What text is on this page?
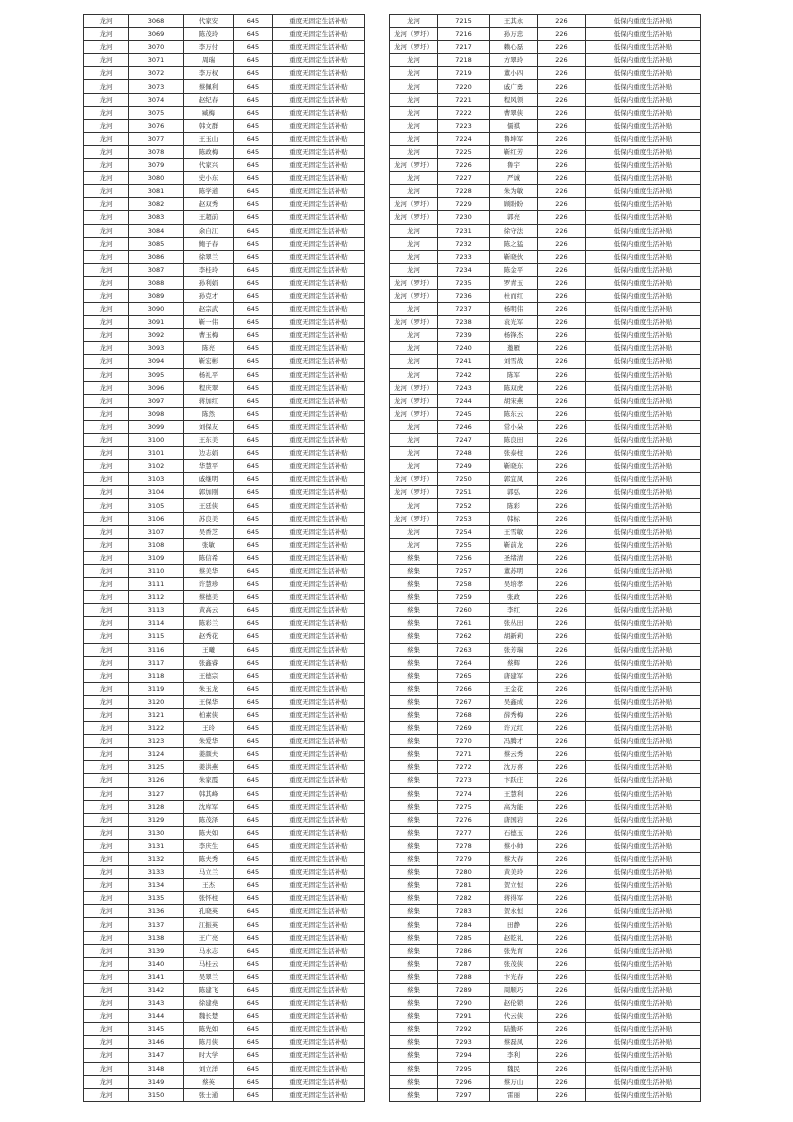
龙河	3068	代家安	645	重度无固定生活补贴
龙河	3069	陈茂玲	645	重度无固定生活补贴
龙河	3070	李万付	645	重度无固定生活补贴
龙河	3071	周瑞	645	重度无固定生活补贴
龙河	3072	李万权	645	重度无固定生活补贴
龙河	3073	蔡佩利	645	重度无固定生活补贴
龙河	3074	赵纪春	645	重度无固定生活补贴
龙河	3075	臧梅	645	重度无固定生活补贴
龙河	3076	韩文群	645	重度无固定生活补贴
龙河	3077	王玉山	645	重度无固定生活补贴
龙河	3078	陈政梅	645	重度无固定生活补贴
龙河	3079	代家兴	645	重度无固定生活补贴
龙河	3080	史小东	645	重度无固定生活补贴
龙河	3081	陈学道	645	重度无固定生活补贴
龙河	3082	赵双秀	645	重度无固定生活补贴
龙河	3083	王超前	645	重度无固定生活补贴
龙河	3084	余自江	645	重度无固定生活补贴
龙河	3085	鲍子春	645	重度无固定生活补贴
龙河	3086	徐翠兰	645	重度无固定生活补贴
龙河	3087	李桂玲	645	重度无固定生活补贴
龙河	3088	孙利娟	645	重度无固定生活补贴
龙河	3089	孙克才	645	重度无固定生活补贴
龙河	3090	赵宗武	645	重度无固定生活补贴
龙河	3091	靳一伟	645	重度无固定生活补贴
龙河	3092	曹玉梅	645	重度无固定生活补贴
龙河	3093	陈亮	645	重度无固定生活补贴
龙河	3094	靳宏彬	645	重度无固定生活补贴
龙河	3095	杨礼平	645	重度无固定生活补贴
龙河	3096	程庆翠	645	重度无固定生活补贴
龙河	3097	蒋加红	645	重度无固定生活补贴
龙河	3098	陈然	645	重度无固定生活补贴
龙河	3099	刘保友	645	重度无固定生活补贴
龙河	3100	王东美	645	重度无固定生活补贴
龙河	3101	边志娟	645	重度无固定生活补贴
龙河	3102	华慧平	645	重度无固定生活补贴
龙河	3103	戚继明	645	重度无固定生活补贴
龙河	3104	郭加刚	645	重度无固定生活补贴
龙河	3105	王廷侠	645	重度无固定生活补贴
龙河	3106	苏良美	645	重度无固定生活补贴
龙河	3107	吴香芝	645	重度无固定生活补贴
龙河	3108	张敏	645	重度无固定生活补贴
龙河	3109	陈信希	645	重度无固定生活补贴
龙河	3110	蔡美华	645	重度无固定生活补贴
龙河	3111	许慧珍	645	重度无固定生活补贴
龙河	3112	蔡德美	645	重度无固定生活补贴
龙河	3113	黄高云	645	重度无固定生活补贴
龙河	3114	陈彩兰	645	重度无固定生活补贴
龙河	3115	赵秀花	645	重度无固定生活补贴
龙河	3116	王曦	645	重度无固定生活补贴
龙河	3117	张鑫睿	645	重度无固定生活补贴
龙河	3118	王德宗	645	重度无固定生活补贴
龙河	3119	朱玉龙	645	重度无固定生活补贴
龙河	3120	王保华	645	重度无固定生活补贴
龙河	3121	柏素侠	645	重度无固定生活补贴
龙河	3122	王玲	645	重度无固定生活补贴
龙河	3123	朱爱华	645	重度无固定生活补贴
龙河	3124	姜颜夫	645	重度无固定生活补贴
龙河	3125	姜洪燕	645	重度无固定生活补贴
龙河	3126	朱家霞	645	重度无固定生活补贴
龙河	3127	韩其峰	645	重度无固定生活补贴
龙河	3128	沈库军	645	重度无固定生活补贴
龙河	3129	陈茂泽	645	重度无固定生活补贴
龙河	3130	陈夫如	645	重度无固定生活补贴
龙河	3131	李庆生	645	重度无固定生活补贴
龙河	3132	陈夫秀	645	重度无固定生活补贴
龙河	3133	马立兰	645	重度无固定生活补贴
龙河	3134	王杰	645	重度无固定生活补贴
龙河	3135	张怀柱	645	重度无固定生活补贴
龙河	3136	孔晓英	645	重度无固定生活补贴
龙河	3137	江振英	645	重度无固定生活补贴
龙河	3138	王广亮	645	重度无固定生活补贴
龙河	3139	马永志	645	重度无固定生活补贴
龙河	3140	马桂云	645	重度无固定生活补贴
龙河	3141	吴翠兰	645	重度无固定生活补贴
龙河	3142	陈建飞	645	重度无固定生活补贴
龙河	3143	徐建堯	645	重度无固定生活补贴
龙河	3144	魏长楚	645	重度无固定生活补贴
龙河	3145	陈先如	645	重度无固定生活补贴
龙河	3146	陈月侠	645	重度无固定生活补贴
龙河	3147	时大学	645	重度无固定生活补贴
龙河	3148	刘立洋	645	重度无固定生活补贴
龙河	3149	蔡英	645	重度无固定生活补贴
龙河	3150	张士通	645	重度无固定生活补贴
龙河	7215	王其永	226	低保内重度生活补贴
龙河（罗圩）	7216	孙万忠	226	低保内重度生活补贴
龙河（罗圩）	7217	赖心磊	226	低保内重度生活补贴
龙河	7218	方翠玲	226	低保内重度生活补贴
龙河	7219	董小四	226	低保内重度生活补贴
龙河	7220	戚广勇	226	低保内重度生活补贴
龙河	7221	程风领	226	低保内重度生活补贴
龙河	7222	曹翠侠	226	低保内重度生活补贴
龙河	7223	儒祺	226	低保内重度生活补贴
龙河	7224	鲁坤军	226	低保内重度生活补贴
龙河	7225	靳红芳	226	低保内重度生活补贴
龙河（罗圩）	7226	鲁宇	226	低保内重度生活补贴
龙河	7227	严诚	226	低保内重度生活补贴
龙河	7228	朱为敏	226	低保内重度生活补贴
龙河（罗圩）	7229	顾盼盼	226	低保内重度生活补贴
龙河（罗圩）	7230	郭亮	226	低保内重度生活补贴
龙河	7231	徐守法	226	低保内重度生活补贴
龙河	7232	陈之猛	226	低保内重度生活补贴
龙河	7233	靳晓伙	226	低保内重度生活补贴
龙河	7234	陈金平	226	低保内重度生活补贴
龙河（罗圩）	7235	罗青玉	226	低保内重度生活补贴
龙河（罗圩）	7236	杜而红	226	低保内重度生活补贴
龙河	7237	杨明伟	226	低保内重度生活补贴
龙河（罗圩）	7238	袁光军	226	低保内重度生活补贴
龙河	7239	杨锋杰	226	低保内重度生活补贴
龙河	7240	邀雁	226	低保内重度生活补贴
龙河	7241	刘雪战	226	低保内重度生活补贴
龙河	7242	陈军	226	低保内重度生活补贴
龙河（罗圩）	7243	陈双虎	226	低保内重度生活补贴
龙河（罗圩）	7244	胡宋燕	226	低保内重度生活补贴
龙河（罗圩）	7245	陈东云	226	低保内重度生活补贴
龙河	7246	常小朵	226	低保内重度生活补贴
龙河	7247	陈良田	226	低保内重度生活补贴
龙河	7248	张泰柱	226	低保内重度生活补贴
龙河	7249	靳晓东	226	低保内重度生活补贴
龙河（罗圩）	7250	郭宜凤	226	低保内重度生活补贴
龙河（罗圩）	7251	郭弘	226	低保内重度生活补贴
龙河	7252	陈彩	226	低保内重度生活补贴
龙河（罗圩）	7253	韩标	226	低保内重度生活补贴
龙河	7254	王雪敏	226	低保内重度生活补贴
龙河	7255	靳前龙	226	低保内重度生活补贴
蔡集	7256	圣绪清	226	低保内重度生活补贴
蔡集	7257	董苏明	226	低保内重度生活补贴
蔡集	7258	吴培孝	226	低保内重度生活补贴
蔡集	7259	张政	226	低保内重度生活补贴
蔡集	7260	李红	226	低保内重度生活补贴
蔡集	7261	张丛田	226	低保内重度生活补贴
蔡集	7262	胡新莉	226	低保内重度生活补贴
蔡集	7263	张芳瑞	226	低保内重度生活补贴
蔡集	7264	蔡辉	226	低保内重度生活补贴
蔡集	7265	唐建军	226	低保内重度生活补贴
蔡集	7266	王金花	226	低保内重度生活补贴
蔡集	7267	吴鑫成	226	低保内重度生活补贴
蔡集	7268	薛秀梅	226	低保内重度生活补贴
蔡集	7269	许元红	226	低保内重度生活补贴
蔡集	7270	冯腾才	226	低保内重度生活补贴
蔡集	7271	蔡云秀	226	低保内重度生活补贴
蔡集	7272	沈万喜	226	低保内重度生活补贴
蔡集	7273	卞跃庄	226	低保内重度生活补贴
蔡集	7274	王慧利	226	低保内重度生活补贴
蔡集	7275	高为能	226	低保内重度生活补贴
蔡集	7276	唐国岩	226	低保内重度生活补贴
蔡集	7277	石德玉	226	低保内重度生活补贴
蔡集	7278	蔡小帅	226	低保内重度生活补贴
蔡集	7279	蔡大春	226	低保内重度生活补贴
蔡集	7280	黄美玲	226	低保内重度生活补贴
蔡集	7281	贺立恒	226	低保内重度生活补贴
蔡集	7282	蒋得军	226	低保内重度生活补贴
蔡集	7283	贺永恒	226	低保内重度生活补贴
蔡集	7284	田静	226	低保内重度生活补贴
蔡集	7285	赵乾礼	226	低保内重度生活补贴
蔡集	7286	张先育	226	低保内重度生活补贴
蔡集	7287	张茂侠	226	低保内重度生活补贴
蔡集	7288	卞光春	226	低保内重度生活补贴
蔡集	7289	周顺巧	226	低保内重度生活补贴
蔡集	7290	赵伦锁	226	低保内重度生活补贴
蔡集	7291	代云侠	226	低保内重度生活补贴
蔡集	7292	陆勤环	226	低保内重度生活补贴
蔡集	7293	蔡磊凤	226	低保内重度生活补贴
蔡集	7294	李利	226	低保内重度生活补贴
蔡集	7295	魏民	226	低保内重度生活补贴
蔡集	7296	蔡万山	226	低保内重度生活补贴
蔡集	7297	雷丽	226	低保内重度生活补贴
